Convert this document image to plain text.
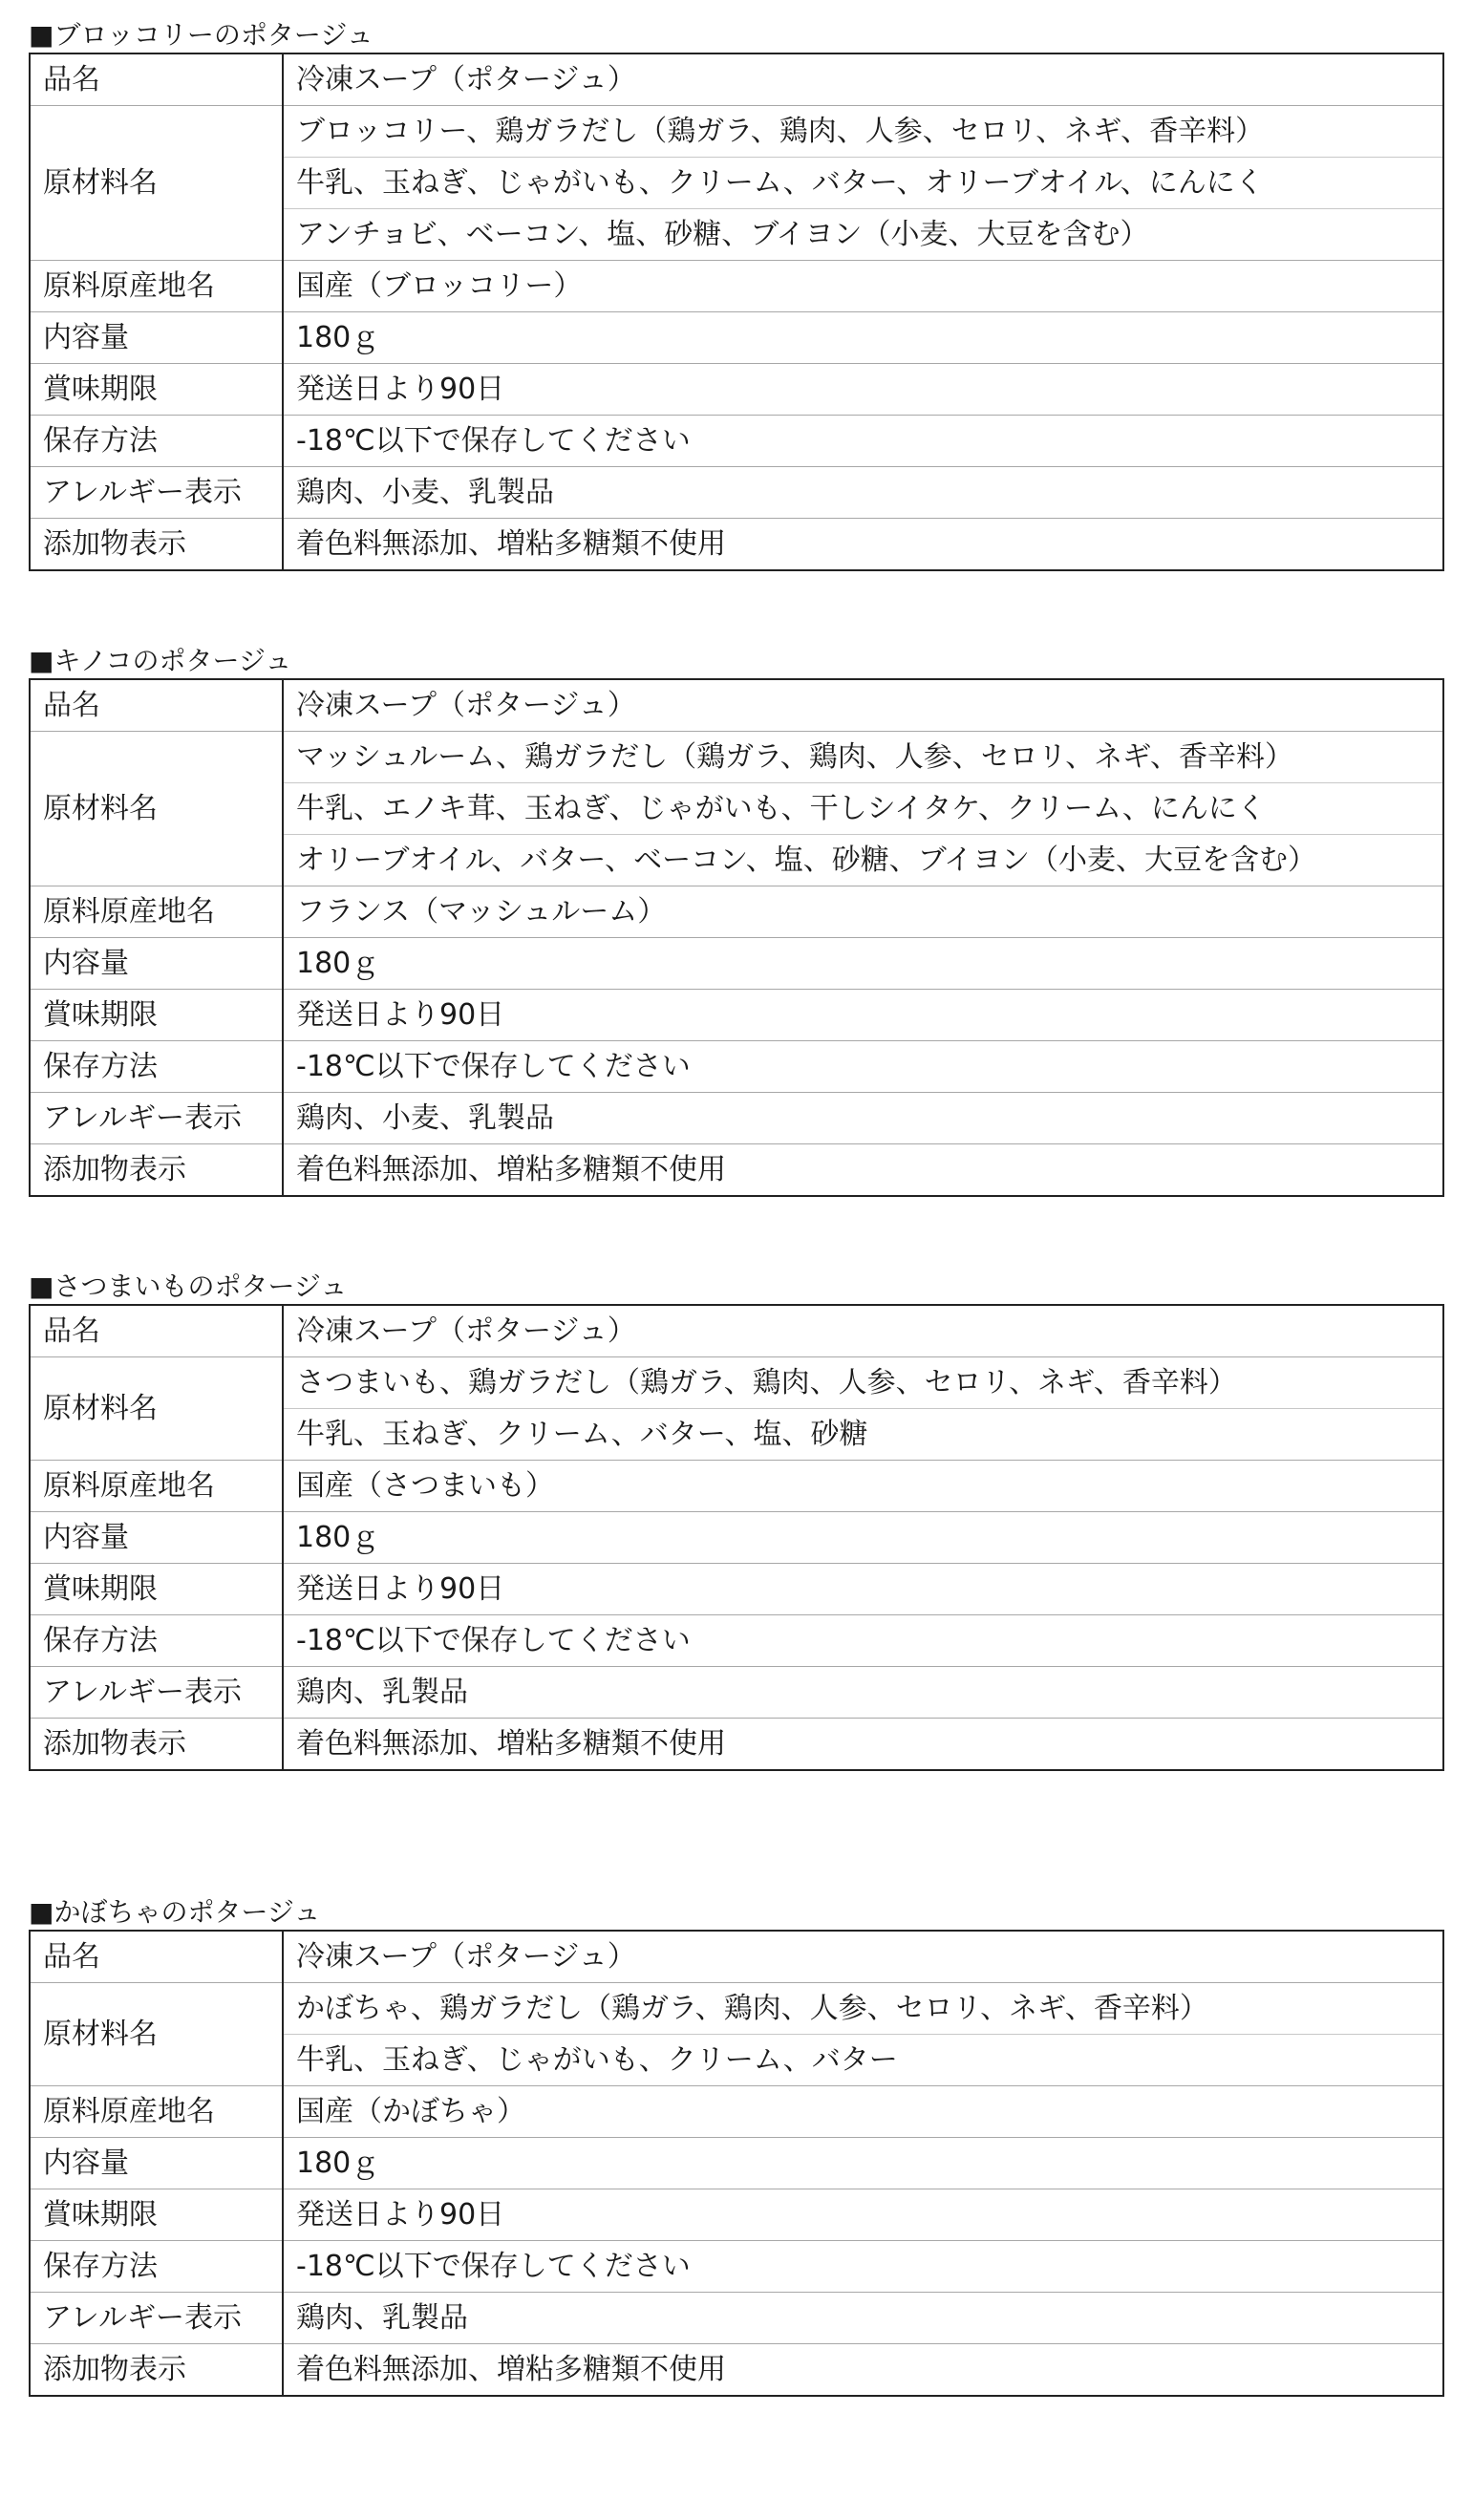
■ブロッコリーのポタージュ
品名	冷凍スープ（ポタージュ）
原材料名	ブロッコリー、鶏ガラだし（鶏ガラ、鶏肉、人参、セロリ、ネギ、香辛料）
牛乳、玉ねぎ、じゃがいも、クリーム、バター、オリーブオイル、にんにく
アンチョビ、ベーコン、塩、砂糖、ブイヨン（小麦、大豆を含む）

原料原産地名	国産（ブロッコリー）
内容量	180ｇ
賞味期限	発送日より90日
保存方法	-18℃以下で保存してください
アレルギー表示	鶏肉、小麦、乳製品
添加物表示	着色料無添加、増粘多糖類不使用
■キノコのポタージュ
品名	冷凍スープ（ポタージュ）
原材料名	マッシュルーム、鶏ガラだし（鶏ガラ、鶏肉、人参、セロリ、ネギ、香辛料）
牛乳、エノキ茸、玉ねぎ、じゃがいも、干しシイタケ、クリーム、にんにく
オリーブオイル、バター、ベーコン、塩、砂糖、ブイヨン（小麦、大豆を含む）

原料原産地名	フランス（マッシュルーム）
内容量	180ｇ
賞味期限	発送日より90日
保存方法	-18℃以下で保存してください
アレルギー表示	鶏肉、小麦、乳製品
添加物表示	着色料無添加、増粘多糖類不使用
■さつまいものポタージュ
品名	冷凍スープ（ポタージュ）
原材料名	さつまいも、鶏ガラだし（鶏ガラ、鶏肉、人参、セロリ、ネギ、香辛料）
牛乳、玉ねぎ、クリーム、バター、塩、砂糖

原料原産地名	国産（さつまいも）
内容量	180ｇ
賞味期限	発送日より90日
保存方法	-18℃以下で保存してください
アレルギー表示	鶏肉、乳製品
添加物表示	着色料無添加、増粘多糖類不使用
■かぼちゃのポタージュ
品名	冷凍スープ（ポタージュ）
原材料名	かぼちゃ、鶏ガラだし（鶏ガラ、鶏肉、人参、セロリ、ネギ、香辛料）
牛乳、玉ねぎ、じゃがいも、クリーム、バター

原料原産地名	国産（かぼちゃ）
内容量	180ｇ
賞味期限	発送日より90日
保存方法	-18℃以下で保存してください
アレルギー表示	鶏肉、乳製品
添加物表示	着色料無添加、増粘多糖類不使用
